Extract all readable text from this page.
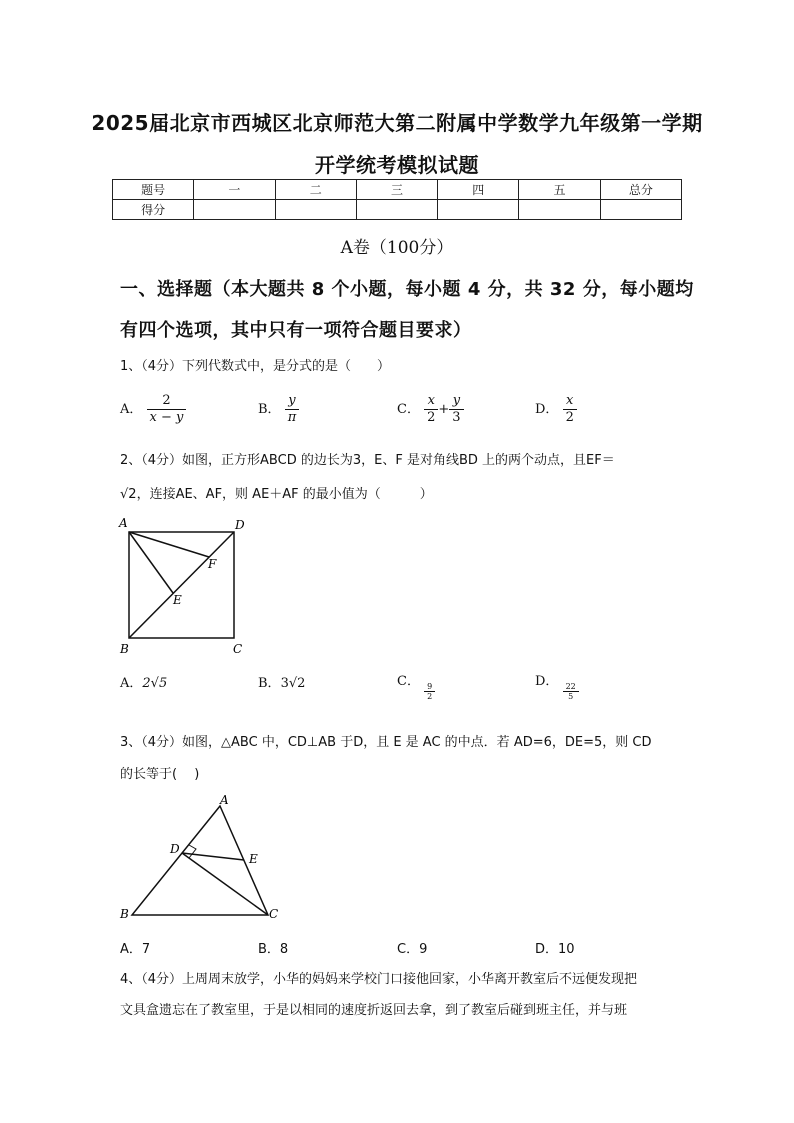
2025届北京市西城区北京师范大第二附属中学数学九年级第一学期
开学统考模拟试题
题号	一	二	三	四	五	总分
得分						
A卷（100分）
一、选择题（本大题共 8 个小题，每小题 4 分，共 32 分，每小题均
有四个选项，其中只有一项符合题目要求）
1、（4分）下列代数式中，是分式的是（　　）
A． $\frac{2}{x - y}$	B． $\frac{y}{\pi}$	C． $\frac{x}{2} + \frac{y}{3}$	D． $\frac{x}{2}$
2、（4分）如图，正方形ABCD 的边长为3，E、F 是对角线BD 上的两个动点，且EF＝
√2，连接AE、AF，则 AE＋AF 的最小值为（　　　）
A	D
F
E
B	C
A．2√5	B．3√2	C．
$\frac{9}{2}$
D．
$\frac{22}{5}$
3、（4分）如图，△ABC 中，CD⊥AB 于D，且 E 是 AC 的中点．若 AD=6，DE=5，则 CD
的长等于(　 )
A
D
E
B	C
A．7	B．8	C．9	D．10
4、（4分）上周周末放学，小华的妈妈来学校门口接他回家，小华离开教室后不远便发现把
文具盒遗忘在了教室里，于是以相同的速度折返回去拿，到了教室后碰到班主任，并与班
